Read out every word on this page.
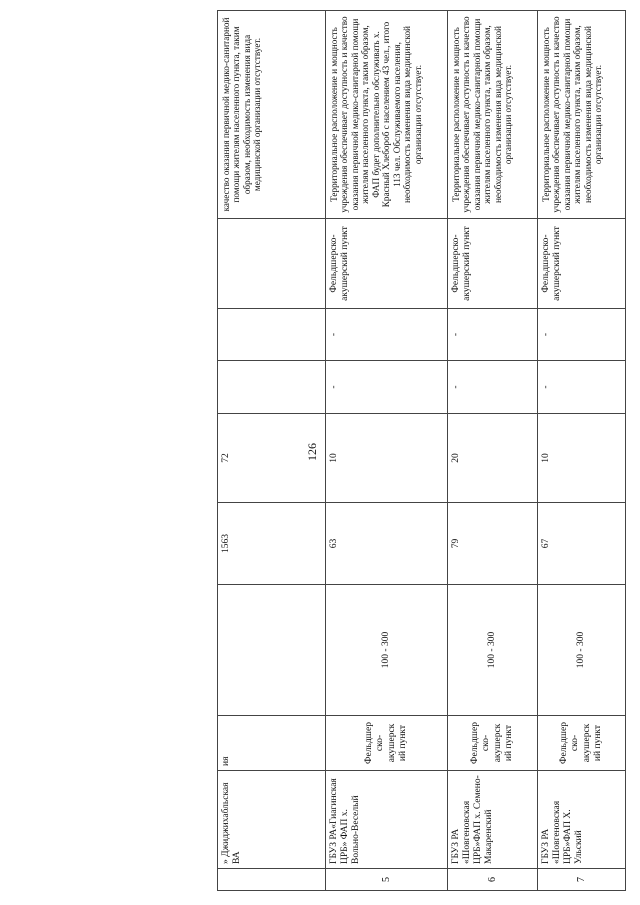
126
	» Джиджихабльская ВА	ия		1563	72				качество оказания первичной медико-санитарной помощи жителям населенного пункта, таким образом, необходимость изменения вида медицинской организации отсутствует.
5	ГБУЗ РА«Гиагинская ЦРБ» ФАП х. Вольно-Веселый	Фельдшер ско-акушерск ий пункт	100 - 300	63	10	-	-	Фельдшерско-акушерский пункт	Территориальное расположение и мощность учреждения обеспечивает доступность и качество оказания первичной медико-санитарной помощи жителям населенного пункта, таким образом, ФАП будет дополнительно обслуживать х. Красный Хлебороб с населением 43 чел., итого 113 чел. Обслуживаемого населения, необходимость изменения вида медицинской организации отсутствует.
6	ГБУЗ РА «Шовгеновская ЦРБ»ФАП х. Семено-Макаренский	Фельдшер ско-акушерск ий пункт	100 - 300	79	20	-	-	Фельдшерско-акушерский пункт	Территориальное расположение и мощность учреждения обеспечивает доступность и качество оказания первичной медико-санитарной помощи жителям населенного пункта, таким образом, необходимость изменения вида медицинской организации отсутствует.
7	ГБУЗ РА «Шовгеновская ЦРБ»ФАП Х. Ульский	Фельдшер ско-акушерск ий пункт	100 - 300	67	10	-	-	Фельдшерско-акушерский пункт	Территориальное расположение и мощность учреждения обеспечивает доступность и качество оказания первичной медико-санитарной помощи жителям населенного пункта, таким образом, необходимость изменения вида медицинской организации отсутствует.
